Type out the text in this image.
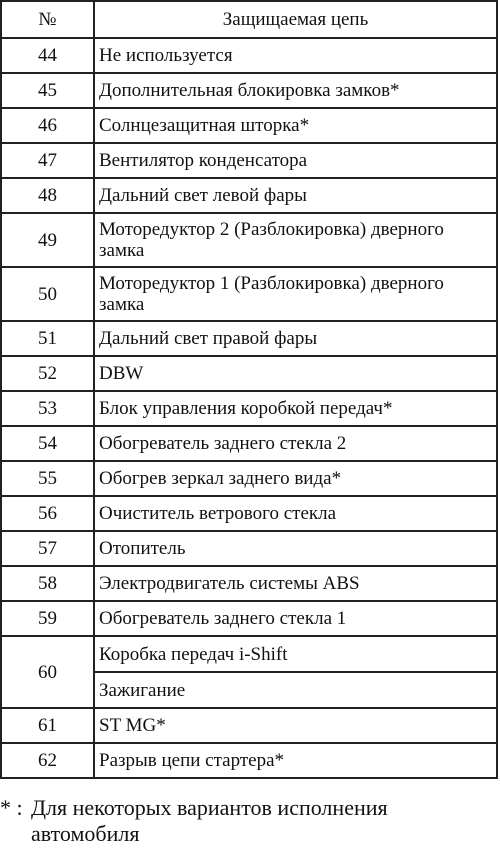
№	Защищаемая цепь
44	Не используется
45	Дополнительная блокировка замков*
46	Солнцезащитная шторка*
47	Вентилятор конденсатора
48	Дальний свет левой фары
49	Моторедуктор 2 (Разблокировка) дверного замка
50	Моторедуктор 1 (Разблокировка) дверного замка
51	Дальний свет правой фары
52	DBW
53	Блок управления коробкой передач*
54	Обогреватель заднего стекла 2
55	Обогрев зеркал заднего вида*
56	Очиститель ветрового стекла
57	Отопитель
58	Электродвигатель системы ABS
59	Обогреватель заднего стекла 1
60	Коробка передач i-Shift
	Зажигание
61	ST MG*
62	Разрыв цепи стартера*
* : Для некоторых вариантов исполнения автомобиля
